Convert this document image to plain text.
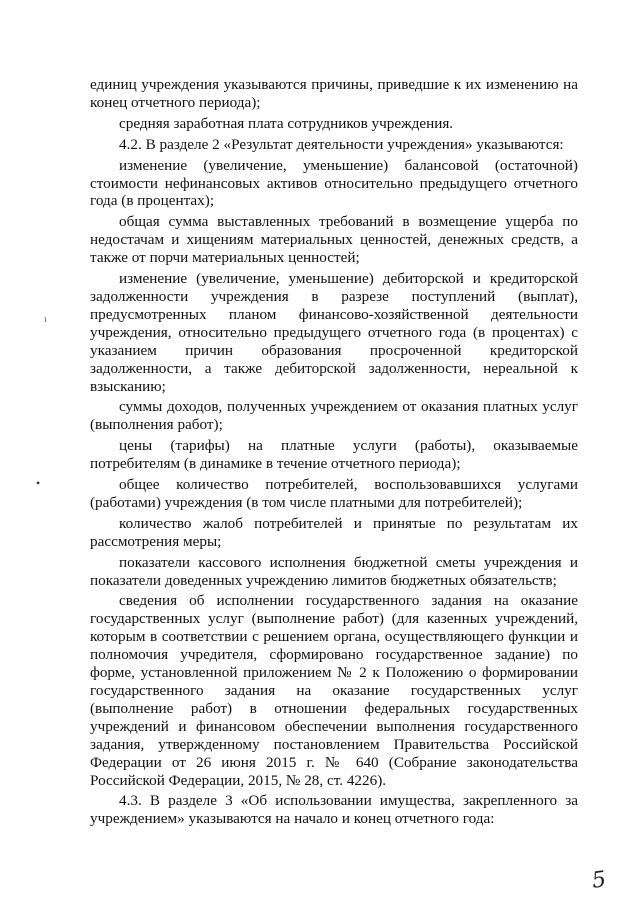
единиц учреждения указываются причины, приведшие к их изменению на конец отчетного периода);

средняя заработная плата сотрудников учреждения.

4.2. В разделе 2 «Результат деятельности учреждения» указываются:

изменение (увеличение, уменьшение) балансовой (остаточной) стоимости нефинансовых активов относительно предыдущего отчетного года (в процентах);

общая сумма выставленных требований в возмещение ущерба по недостачам и хищениям материальных ценностей, денежных средств, а также от порчи материальных ценностей;

изменение (увеличение, уменьшение) дебиторской и кредиторской задолженности учреждения в разрезе поступлений (выплат), предусмотренных планом финансово-хозяйственной деятельности учреждения, относительно предыдущего отчетного года (в процентах) с указанием причин образования просроченной кредиторской задолженности, а также дебиторской задолженности, нереальной к взысканию;

суммы доходов, полученных учреждением от оказания платных услуг (выполнения работ);

цены (тарифы) на платные услуги (работы), оказываемые потребителям (в динамике в течение отчетного периода);

общее количество потребителей, воспользовавшихся услугами (работами) учреждения (в том числе платными для потребителей);

количество жалоб потребителей и принятые по результатам их рассмотрения меры;

показатели кассового исполнения бюджетной сметы учреждения и показатели доведенных учреждению лимитов бюджетных обязательств;

сведения об исполнении государственного задания на оказание государственных услуг (выполнение работ) (для казенных учреждений, которым в соответствии с решением органа, осуществляющего функции и полномочия учредителя, сформировано государственное задание) по форме, установленной приложением № 2 к Положению о формировании государственного задания на оказание государственных услуг (выполнение работ) в отношении федеральных государственных учреждений и финансовом обеспечении выполнения государственного задания, утвержденному постановлением Правительства Российской Федерации от 26 июня 2015 г. № 640 (Собрание законодательства Российской Федерации, 2015, № 28, ст. 4226).

4.3. В разделе 3 «Об использовании имущества, закрепленного за учреждением» указываются на начало и конец отчетного года:

•
ı
5
